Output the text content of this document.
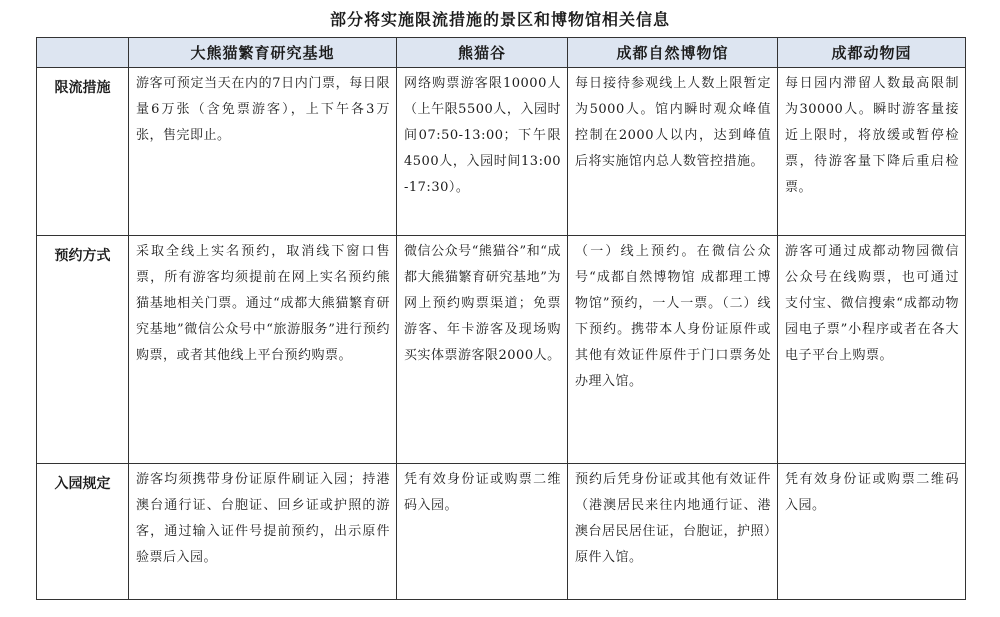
部分将实施限流措施的景区和博物馆相关信息
	大熊猫繁育研究基地	熊猫谷	成都自然博物馆	成都动物园
限流措施	游客可预定当天在内的7日内门票，每日限量6万张（含免票游客），上下午各3万张，售完即止。	网络购票游客限10000人（上午限5500人，入园时间07:50-13:00；下午限4500人，入园时间13:00-17:30）。	每日接待参观线上人数上限暂定为5000人。馆内瞬时观众峰值控制在2000人以内，达到峰值后将实施馆内总人数管控措施。	每日园内滞留人数最高限制为30000人。瞬时游客量接近上限时，将放缓或暂停检票，待游客量下降后重启检票。
预约方式	采取全线上实名预约，取消线下窗口售票，所有游客均须提前在网上实名预约熊猫基地相关门票。通过“成都大熊猫繁育研究基地”微信公众号中“旅游服务”进行预约购票，或者其他线上平台预约购票。	微信公众号“熊猫谷”和“成都大熊猫繁育研究基地”为网上预约购票渠道；免票游客、年卡游客及现场购买实体票游客限2000人。	（一）线上预约。在微信公众号“成都自然博物馆 成都理工博物馆”预约，一人一票。（二）线下预约。携带本人身份证原件或其他有效证件原件于门口票务处办理入馆。	游客可通过成都动物园微信公众号在线购票，也可通过支付宝、微信搜索“成都动物园电子票”小程序或者在各大电子平台上购票。
入园规定	游客均须携带身份证原件刷证入园；持港澳台通行证、台胞证、回乡证或护照的游客，通过输入证件号提前预约，出示原件验票后入园。	凭有效身份证或购票二维码入园。	预约后凭身份证或其他有效证件（港澳居民来往内地通行证、港澳台居民居住证，台胞证，护照）原件入馆。	凭有效身份证或购票二维码入园。
